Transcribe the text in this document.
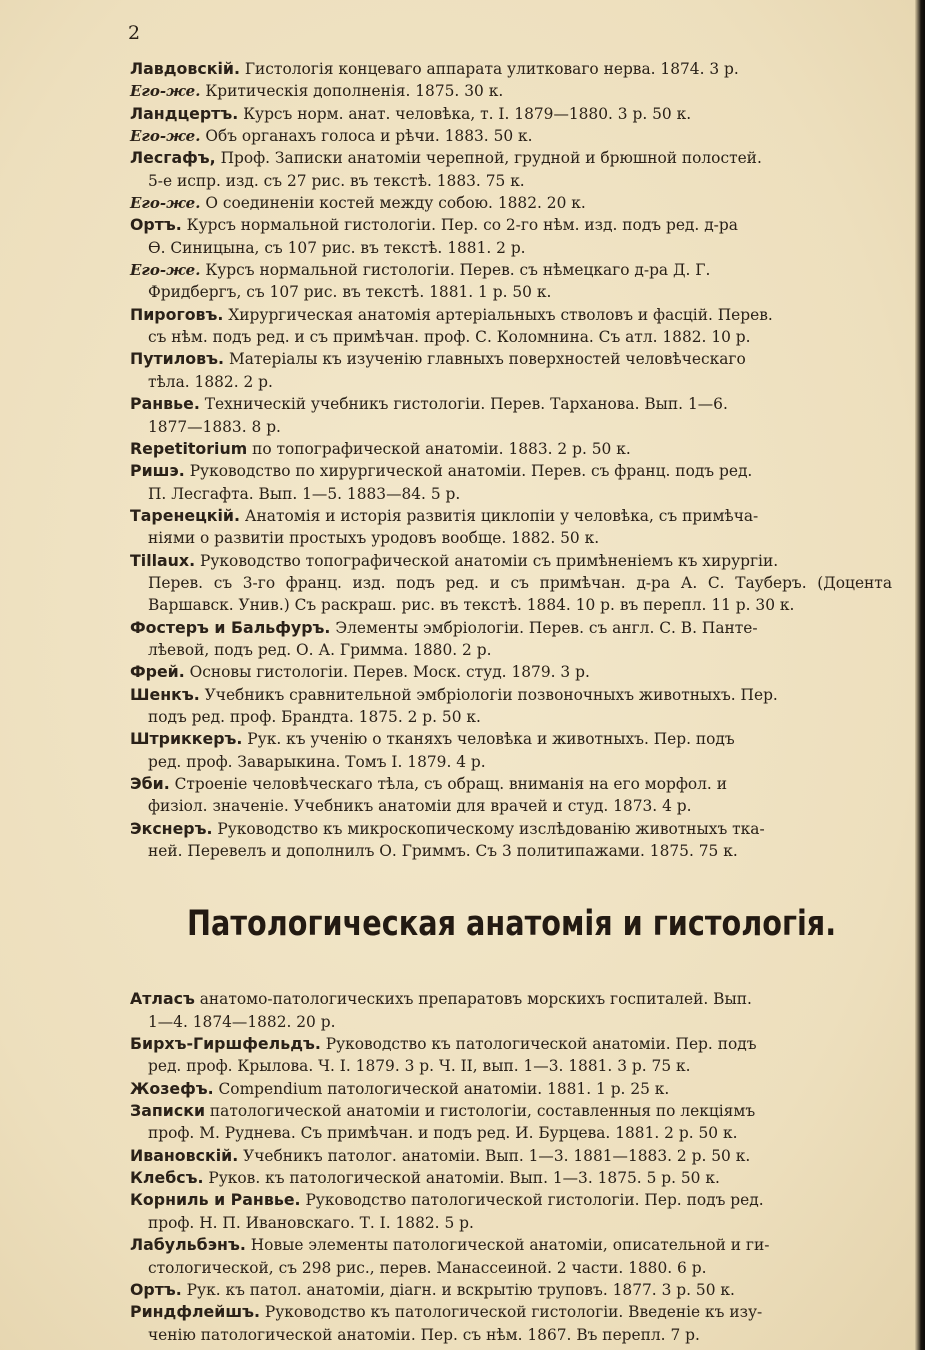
2

Лавдовскій. Гистологія концеваго аппарата улитковаго нерва. 1874. 3 р.

Его-же. Критическія дополненія. 1875. 30 к.

Ландцертъ. Курсъ норм. анат. человѣка, т. I. 1879—1880. 3 р. 50 к.

Его-же. Объ органахъ голоса и рѣчи. 1883. 50 к.

Лесгафъ, Проф. Записки анатоміи черепной, грудной и брюшной полостей.
5-е испр. изд. съ 27 рис. въ текстѣ. 1883. 75 к.

Его-же. О соединеніи костей между собою. 1882. 20 к.

Ортъ. Курсъ нормальной гистологіи. Пер. со 2-го нѣм. изд. подъ ред. д-ра
Ѳ. Синицына, съ 107 рис. въ текстѣ. 1881. 2 р.

Его-же. Курсъ нормальной гистологіи. Перев. съ нѣмецкаго д-ра Д. Г.
Фридбергъ, съ 107 рис. въ текстѣ. 1881. 1 р. 50 к.

Пироговъ. Хирургическая анатомія артеріальныхъ стволовъ и фасцій. Перев.
съ нѣм. подъ ред. и съ примѣчан. проф. С. Коломнина. Съ атл. 1882. 10 р.

Путиловъ. Матеріалы къ изученію главныхъ поверхностей человѣческаго
тѣла. 1882. 2 р.

Ранвье. Техническій учебникъ гистологіи. Перев. Тарханова. Вып. 1—6.
1877—1883. 8 р.

Repetitorium по топографической анатоміи. 1883. 2 р. 50 к.

Ришэ. Руководство по хирургической анатоміи. Перев. съ франц. подъ ред.
П. Лесгафта. Вып. 1—5. 1883—84. 5 р.

Таренецкій. Анатомія и исторія развитія циклопіи у человѣка, съ примѣча-
ніями о развитіи простыхъ уродовъ вообще. 1882. 50 к.

Tillaux. Руководство топографической анатоміи съ примѣненіемъ къ хирургіи.
Перев. съ 3-го франц. изд. подъ ред. и съ примѣчан. д-ра А. С. Тауберъ. (Доцента Варшавск. Унив.) Съ раскраш. рис. въ текстѣ. 1884. 10 р. въ перепл. 11 р. 30 к.

Фостеръ и Бальфуръ. Элементы эмбріологіи. Перев. съ англ. С. В. Панте-
лѣевой, подъ ред. О. А. Гримма. 1880. 2 р.

Фрей. Основы гистологіи. Перев. Моск. студ. 1879. 3 р.

Шенкъ. Учебникъ сравнительной эмбріологіи позвоночныхъ животныхъ. Пер.
подъ ред. проф. Брандта. 1875. 2 р. 50 к.

Штриккеръ. Рук. къ ученію о тканяхъ человѣка и животныхъ. Пер. подъ
ред. проф. Заварыкина. Томъ I. 1879. 4 р.

Эби. Строеніе человѣческаго тѣла, съ обращ. вниманія на его морфол. и
физіол. значеніе. Учебникъ анатоміи для врачей и студ. 1873. 4 р.

Экснеръ. Руководство къ микроскопическому изслѣдованію животныхъ тка-
ней. Перевелъ и дополнилъ О. Гриммъ. Съ 3 политипажами. 1875. 75 к.

Патологическая анатомія и гистологія.

Атласъ анатомо-патологическихъ препаратовъ морскихъ госпиталей. Вып.
1—4. 1874—1882. 20 р.

Бирхъ-Гиршфельдъ. Руководство къ патологической анатоміи. Пер. подъ
ред. проф. Крылова. Ч. I. 1879. 3 р. Ч. II, вып. 1—3. 1881. 3 р. 75 к.

Жозефъ. Compendium патологической анатоміи. 1881. 1 р. 25 к.

Записки патологической анатоміи и гистологіи, составленныя по лекціямъ
проф. М. Руднева. Съ примѣчан. и подъ ред. И. Бурцева. 1881. 2 р. 50 к.

Ивановскій. Учебникъ патолог. анатоміи. Вып. 1—3. 1881—1883. 2 р. 50 к.

Клебсъ. Рукoв. къ патологической анатоміи. Вып. 1—3. 1875. 5 р. 50 к.

Корниль и Ранвье. Руководство патологической гистологіи. Пер. подъ ред.
проф. Н. П. Ивановскаго. Т. I. 1882. 5 р.

Лабульбэнъ. Новые элементы патологической анатоміи, описательной и ги-
стологической, съ 298 рис., перев. Манассеиной. 2 части. 1880. 6 р.

Ортъ. Рук. къ патол. анатоміи, діагн. и вскрытію труповъ. 1877. 3 р. 50 к.

Риндфлейшъ. Руководство къ патологической гистологіи. Введеніе къ изу-
ченію патологической анатоміи. Пер. съ нѣм. 1867. Въ перепл. 7 р.
